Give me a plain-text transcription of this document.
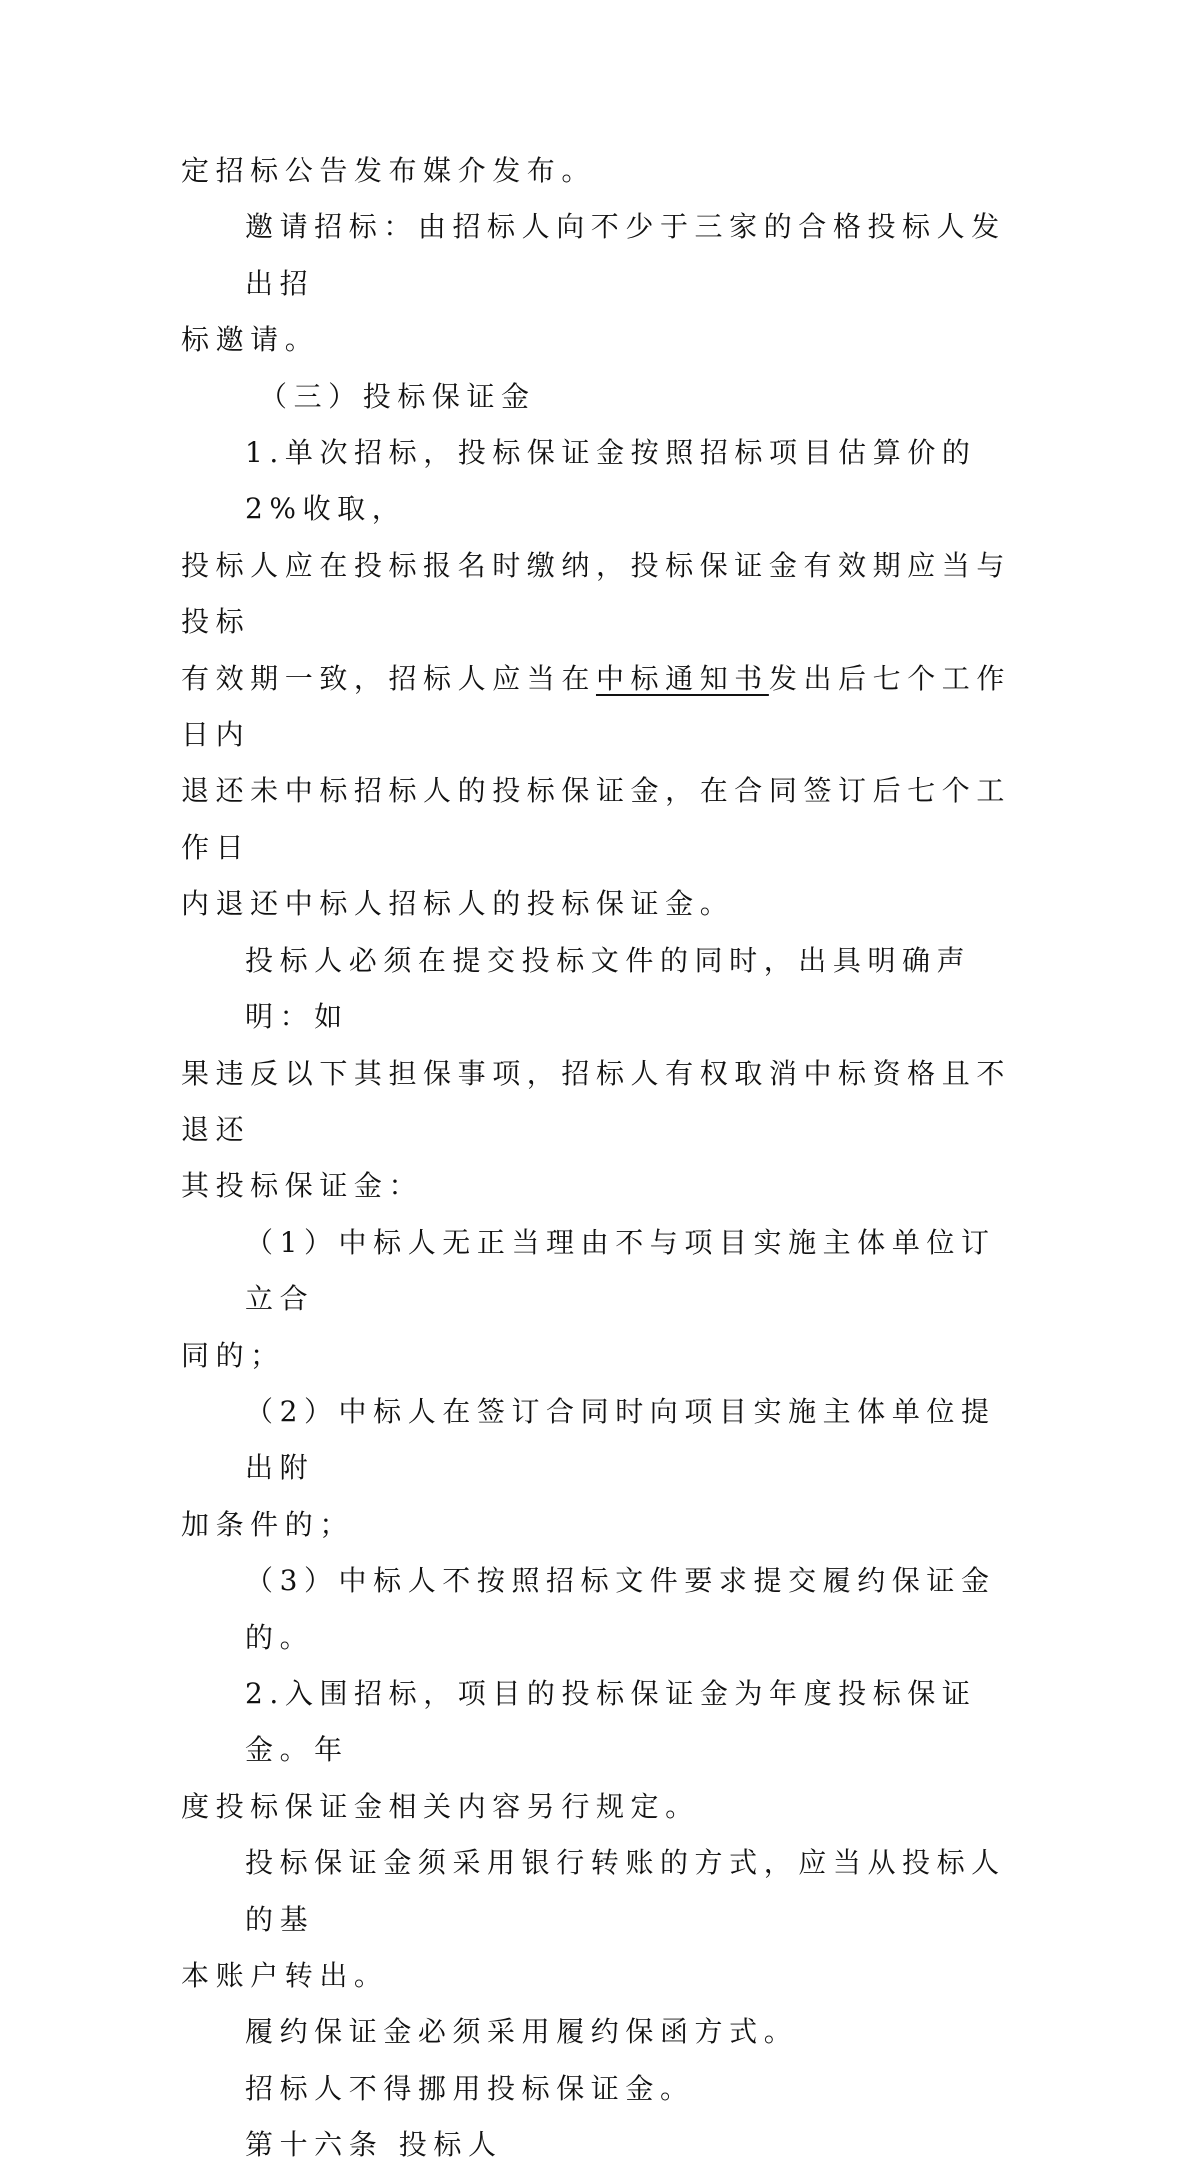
定招标公告发布媒介发布。

邀请招标：由招标人向不少于三家的合格投标人发出招

标邀请。

（三）投标保证金

1.单次招标，投标保证金按照招标项目估算价的2%收取，

投标人应在投标报名时缴纳，投标保证金有效期应当与投标

有效期一致，招标人应当在中标通知书发出后七个工作日内

退还未中标招标人的投标保证金，在合同签订后七个工作日

内退还中标人招标人的投标保证金。

投标人必须在提交投标文件的同时，出具明确声明：如

果违反以下其担保事项，招标人有权取消中标资格且不退还

其投标保证金：

（1）中标人无正当理由不与项目实施主体单位订立合

同的；

（2）中标人在签订合同时向项目实施主体单位提出附

加条件的；

（3）中标人不按照招标文件要求提交履约保证金的。

2.入围招标，项目的投标保证金为年度投标保证金。年

度投标保证金相关内容另行规定。

投标保证金须采用银行转账的方式，应当从投标人的基

本账户转出。

履约保证金必须采用履约保函方式。

招标人不得挪用投标保证金。

第十六条 投标人
